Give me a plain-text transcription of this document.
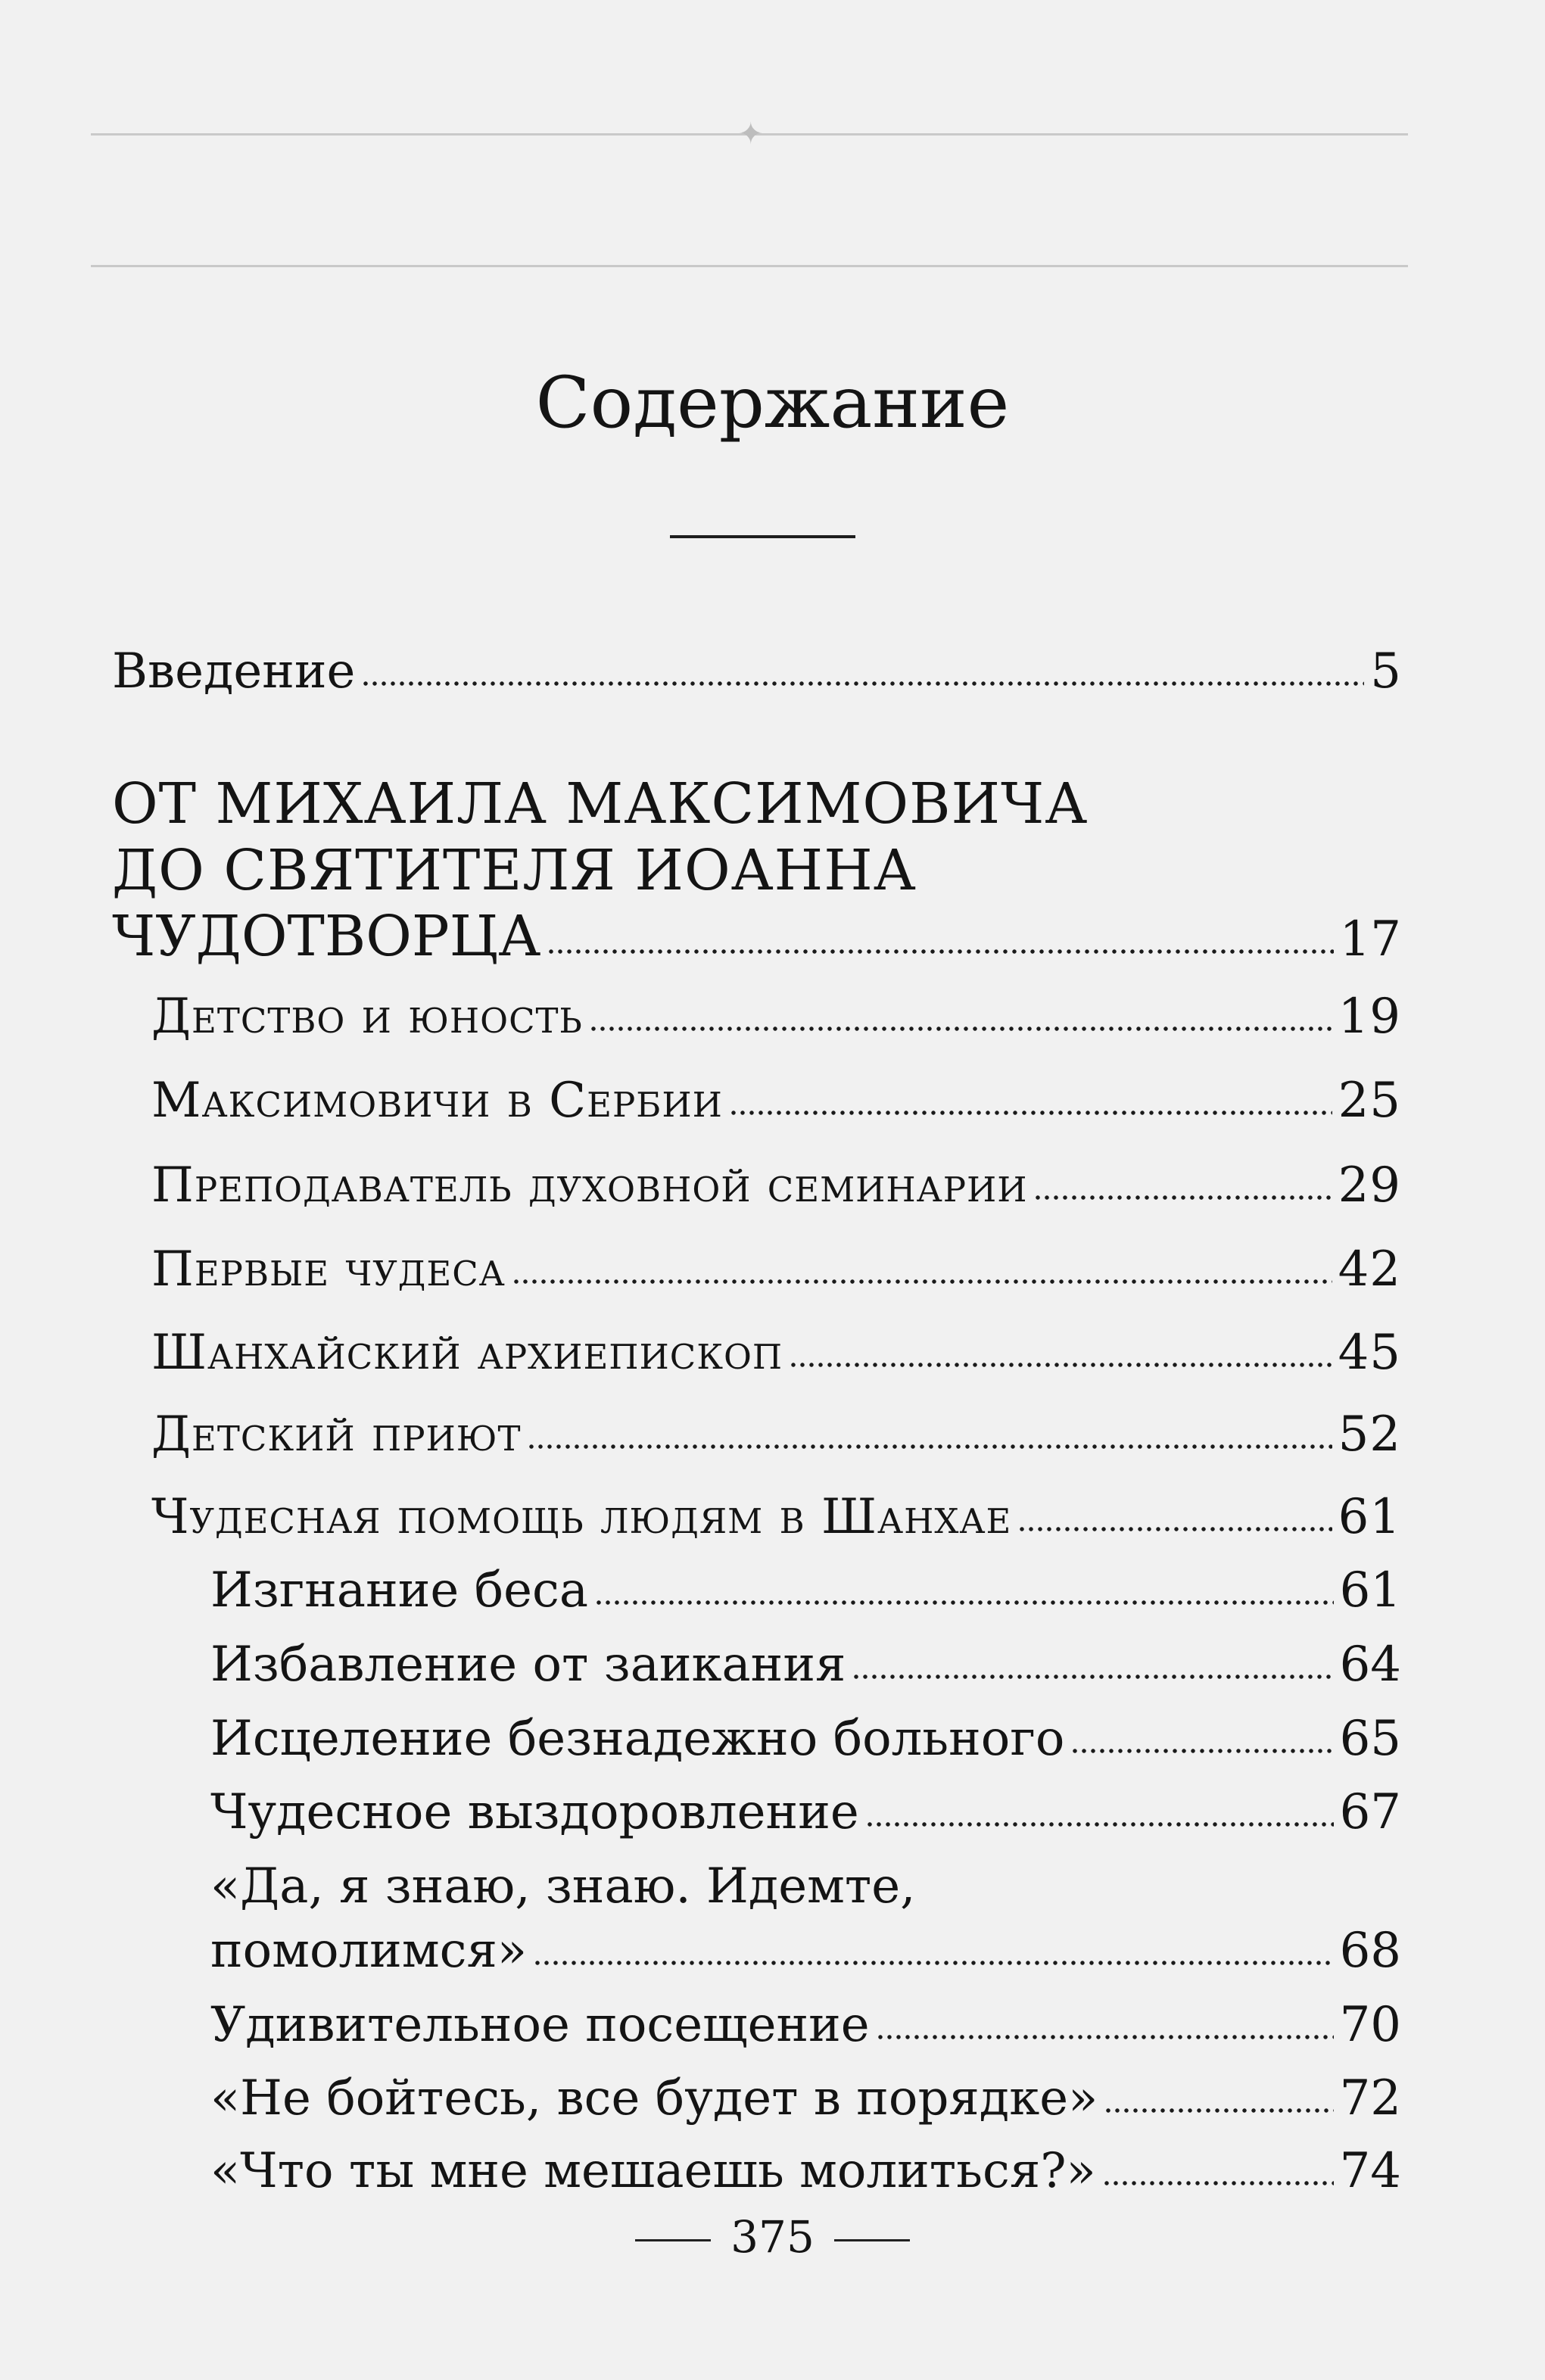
✦
Содержание
Введение	5
ОТ МИХАИЛА МАКСИМОВИЧА
ДО СВЯТИТЕЛЯ ИОАННА
ЧУДОТВОРЦА	17
Детство и юность	19
Максимовичи в Сербии	25
Преподаватель духовной семинарии	29
Первые чудеса	42
Шанхайский архиепископ	45
Детский приют	52
Чудесная помощь людям в Шанхае	61
Изгнание беса	61
Избавление от заикания	64
Исцеление безнадежно больного	65
Чудесное выздоровление	67
«Да, я знаю, знаю. Идемте,
помолимся»	68
Удивительное посещение	70
«Не бойтесь, все будет в порядке»	72
«Что ты мне мешаешь молиться?»	74
375
